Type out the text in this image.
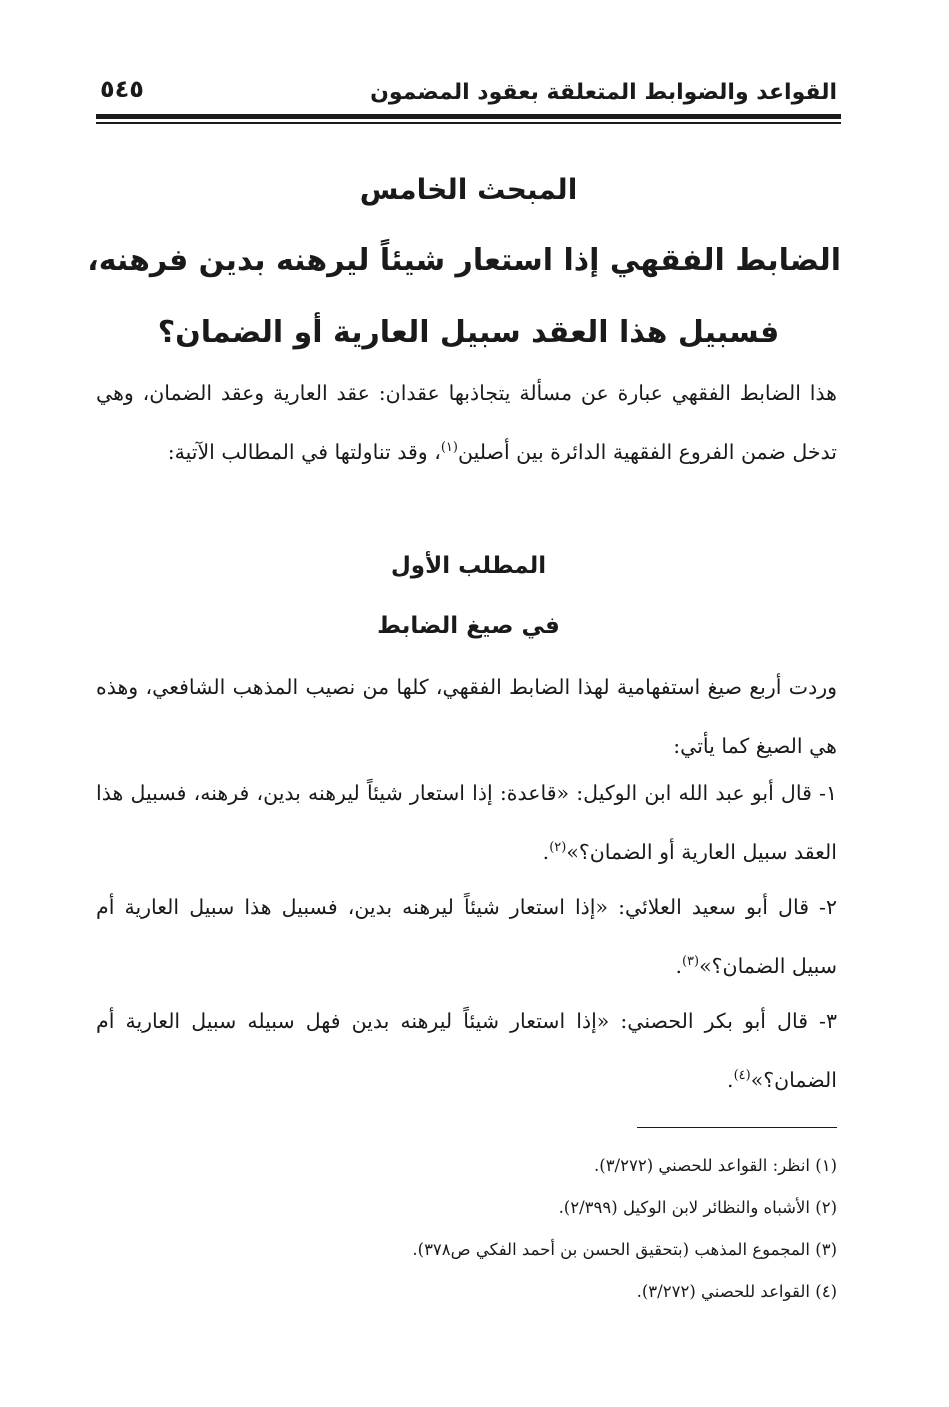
القواعد والضوابط المتعلقة بعقود المضمون
٥٤٥
المبحث الخامس
الضابط الفقهي إذا استعار شيئاً ليرهنه بدين فرهنه،
فسبيل هذا العقد سبيل العارية أو الضمان؟

هذا الضابط الفقهي عبارة عن مسألة يتجاذبها عقدان: عقد العارية وعقد الضمان، وهي تدخل ضمن الفروع الفقهية الدائرة بين أصلين$^{(١)}$، وقد تناولتها في المطالب الآتية:

المطلب الأول
في صيغ الضابط

وردت أربع صيغ استفهامية لهذا الضابط الفقهي، كلها من نصيب المذهب الشافعي، وهذه هي الصيغ كما يأتي:

١- قال أبو عبد الله ابن الوكيل: «قاعدة: إذا استعار شيئاً ليرهنه بدين، فرهنه، فسبيل هذا العقد سبيل العارية أو الضمان؟»$^{(٢)}$.

٢- قال أبو سعيد العلائي: «إذا استعار شيئاً ليرهنه بدين، فسبيل هذا سبيل العارية أم سبيل الضمان؟»$^{(٣)}$.

٣- قال أبو بكر الحصني: «إذا استعار شيئاً ليرهنه بدين فهل سبيله سبيل العارية أم الضمان؟»$^{(٤)}$.

(١) انظر: القواعد للحصني (٣/٢٧٢).
(٢) الأشباه والنظائر لابن الوكيل (٢/٣٩٩).
(٣) المجموع المذهب (بتحقيق الحسن بن أحمد الفكي ص٣٧٨).
(٤) القواعد للحصني (٣/٢٧٢).
